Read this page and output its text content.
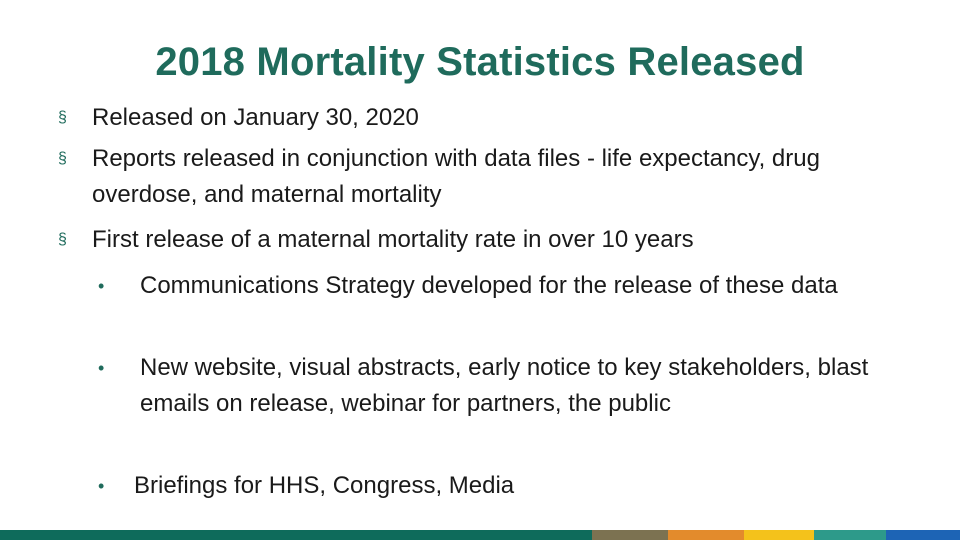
2018 Mortality Statistics Released
§	Released on January 30, 2020
§	Reports released in conjunction with data files - life expectancy, drug overdose, and maternal mortality
§	First release of a maternal mortality rate in over 10 years
• Communications Strategy developed for the release of these data
• New website, visual abstracts, early notice to key stakeholders, blast emails on release, webinar for partners, the public
• Briefings for HHS, Congress, Media
